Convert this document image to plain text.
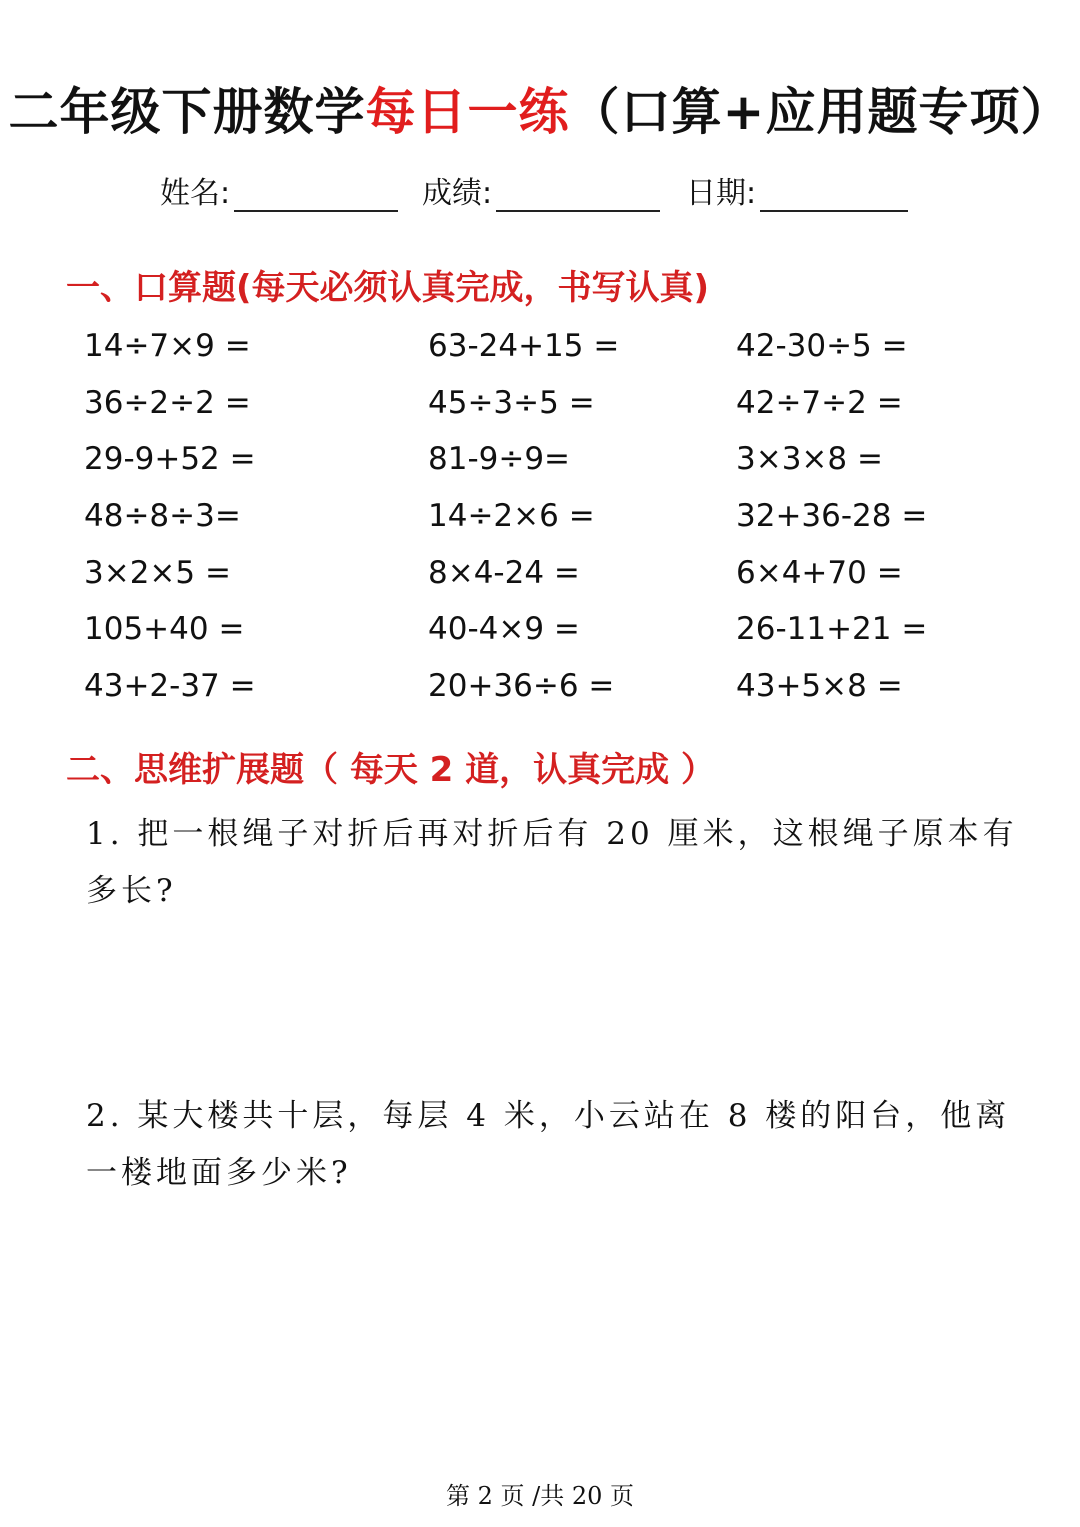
二年级下册数学每日一练（口算+应用题专项）
姓名:	成绩:	日期:
一、口算题(每天必须认真完成，书写认真)
14÷7×9 =	63-24+15 =	42-30÷5 =
36÷2÷2 =	45÷3÷5 =	42÷7÷2 =
29-9+52 =	81-9÷9=	3×3×8 =
48÷8÷3=	14÷2×6 =	32+36-28 =
3×2×5 =	8×4-24 =	6×4+70 =
105+40 =	40-4×9 =	26-11+21 =
43+2-37 =	20+36÷6 =	43+5×8 =
二、思维扩展题（ 每天 2 道，认真完成 ）
1. 把一根绳子对折后再对折后有 20 厘米，这根绳子原本有多长?
2. 某大楼共十层，每层 4 米，小云站在 8 楼的阳台，他离一楼地面多少米?
第 2 页 /共 20 页
